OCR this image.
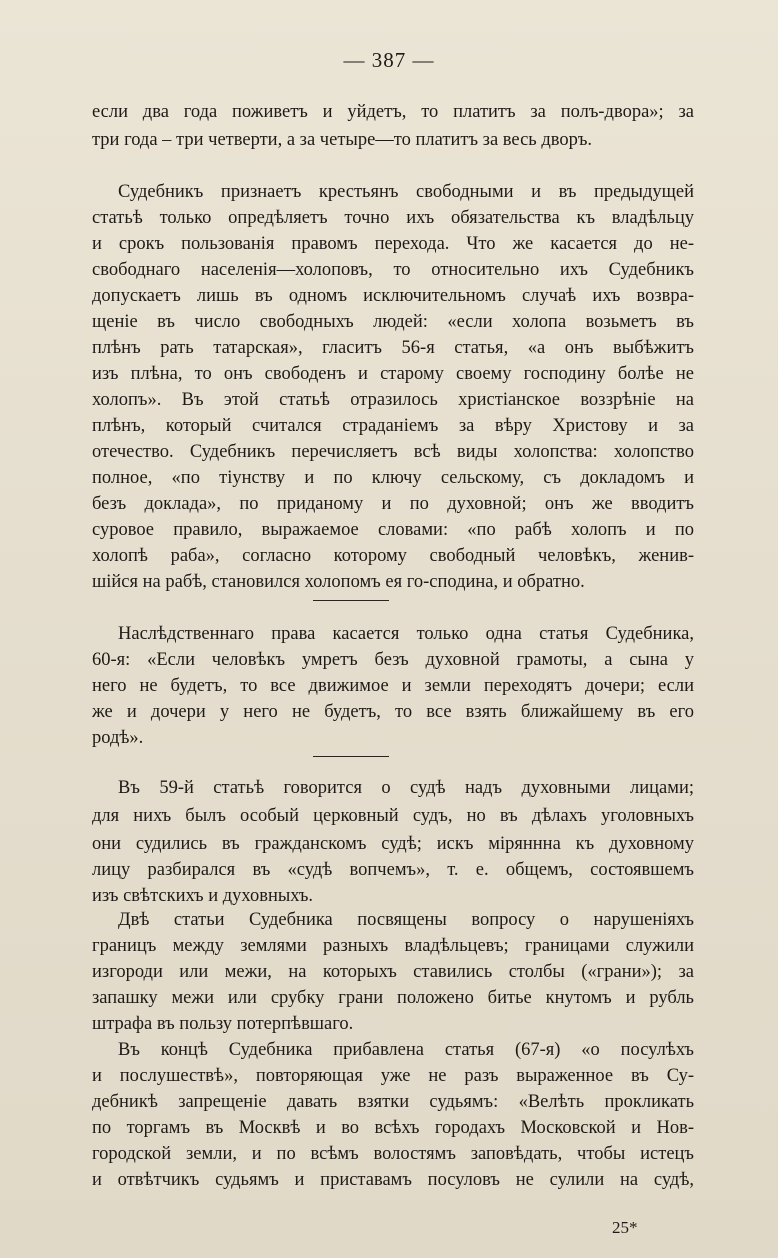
— 387 —
если два года поживетъ и уйдетъ, то платитъ за полъ-двора»; за
три года – три четверти, а за четыре—то платитъ за весь дворъ.
Судебникъ признаетъ крестьянъ свободными и въ предыдущей
статьѣ только опредѣляетъ точно ихъ обязательства къ владѣльцу
и срокъ пользованія правомъ перехода. Что же касается до не-
свободнаго населенія—холоповъ, то относительно ихъ Судебникъ
допускаетъ лишь въ одномъ исключительномъ случаѣ ихъ возвра-
щеніе въ число свободныхъ людей: «если холопа возьметъ въ
плѣнъ рать татарская», гласитъ 56-я статья, «а онъ выбѣжитъ
изъ плѣна, то онъ свободенъ и старому своему господину болѣе не
холопъ». Въ этой статьѣ отразилось христіанское воззрѣніе на
плѣнъ, который считался страданіемъ за вѣру Христову и за
отечество. Судебникъ перечисляетъ всѣ виды холопства: холопство
полное, «по тіунству и по ключу сельскому, съ докладомъ и
безъ доклада», по приданому и по духовной; онъ же вводитъ
суровое правило, выражаемое словами: «по рабѣ холопъ и по
холопѣ раба», согласно которому свободный человѣкъ, женив-
шійся на рабѣ, становился холопомъ ея го-сподина, и обратно.
Наслѣдственнаго права касается только одна статья Судебника,
60-я: «Если человѣкъ умретъ безъ духовной грамоты, а сына у
него не будетъ, то все движимое и земли переходятъ дочери; если
же и дочери у него не будетъ, то все взять ближайшему въ его
родѣ».
Въ 59-й статьѣ говорится о судѣ надъ духовными лицами;
для нихъ былъ особый церковный судъ, но въ дѣлахъ уголовныхъ
они судились въ гражданскомъ судѣ; искъ міряннна къ духовному
лицу разбирался въ «судѣ вопчемъ», т. е. общемъ, состоявшемъ
изъ свѣтскихъ и духовныхъ.
Двѣ статьи Судебника посвящены вопросу о нарушеніяхъ
границъ между землями разныхъ владѣльцевъ; границами служили
изгороди или межи, на которыхъ ставились столбы («грани»); за
запашку межи или срубку грани положено битье кнутомъ и рубль
штрафа въ пользу потерпѣвшаго.
Въ концѣ Судебника прибавлена статья (67-я) «о посулѣхъ
и послушествѣ», повторяющая уже не разъ выраженное въ Су-
дебникѣ запрещеніе давать взятки судьямъ: «Велѣть прокликать
по торгамъ въ Москвѣ и во всѣхъ городахъ Московской и Нов-
городской земли, и по всѣмъ волостямъ заповѣдать, чтобы истецъ
и отвѣтчикъ судьямъ и приставамъ посуловъ не сулили на судѣ,
25*
